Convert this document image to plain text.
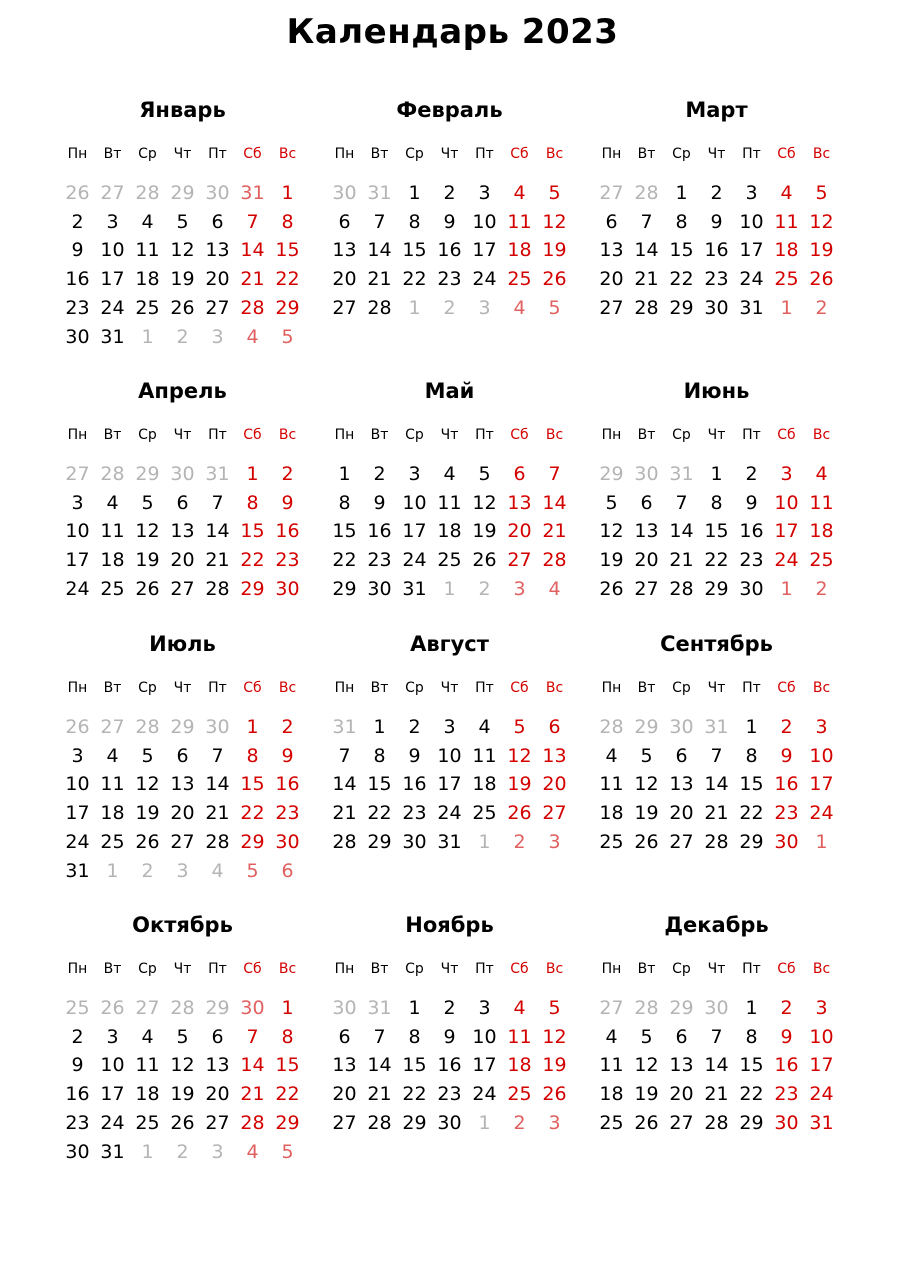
Календарь 2023
Январь
Пн	Вт	Ср	Чт	Пт	Сб	Вс
26 27 28 29 30 31 1
2	3	4	5	6	7	8
9 10 11 12 13 14 15
16 17 18 19 20 21 22
23 24 25 26 27 28 29
30 31 1	2	3	4	5
Февраль
Пн	Вт	Ср	Чт	Пт	Сб	Вс
30 31 1	2	3	4	5
6	7	8	9 10 11 12
13 14 15 16 17 18 19
20 21 22 23 24 25 26
27 28 1	2	3	4	5
Март
Пн	Вт	Ср	Чт	Пт	Сб	Вс
27 28 1	2	3	4	5
6	7	8	9 10 11 12
13 14 15 16 17 18 19
20 21 22 23 24 25 26
27 28 29 30 31 1	2
Апрель
Пн	Вт	Ср	Чт	Пт	Сб	Вс
27 28 29 30 31 1	2
3	4	5	6	7	8	9
10 11 12 13 14 15 16
17 18 19 20 21 22 23
24 25 26 27 28 29 30
Май
Пн	Вт	Ср	Чт	Пт	Сб	Вс
1	2	3	4	5	6	7
8	9 10 11 12 13 14
15 16 17 18 19 20 21
22 23 24 25 26 27 28
29 30 31 1	2	3	4
Июнь
Пн	Вт	Ср	Чт	Пт	Сб	Вс
29 30 31 1	2	3	4
5	6	7	8	9 10 11
12 13 14 15 16 17 18
19 20 21 22 23 24 25
26 27 28 29 30 1	2
Июль
Пн	Вт	Ср	Чт	Пт	Сб	Вс
26 27 28 29 30 1	2
3	4	5	6	7	8	9
10 11 12 13 14 15 16
17 18 19 20 21 22 23
24 25 26 27 28 29 30
31 1	2	3	4	5	6
Август
Пн	Вт	Ср	Чт	Пт	Сб	Вс
31 1	2	3	4	5	6
7	8	9 10 11 12 13
14 15 16 17 18 19 20
21 22 23 24 25 26 27
28 29 30 31 1	2	3
Сентябрь
Пн	Вт	Ср	Чт	Пт	Сб	Вс
28 29 30 31 1	2	3
4	5	6	7	8	9 10
11 12 13 14 15 16 17
18 19 20 21 22 23 24
25 26 27 28 29 30 1
Октябрь
Пн	Вт	Ср	Чт	Пт	Сб	Вс
25 26 27 28 29 30 1
2	3	4	5	6	7	8
9 10 11 12 13 14 15
16 17 18 19 20 21 22
23 24 25 26 27 28 29
30 31 1	2	3	4	5
Ноябрь
Пн	Вт	Ср	Чт	Пт	Сб	Вс
30 31 1	2	3	4	5
6	7	8	9 10 11 12
13 14 15 16 17 18 19
20 21 22 23 24 25 26
27 28 29 30 1	2	3
Декабрь
Пн	Вт	Ср	Чт	Пт	Сб	Вс
27 28 29 30 1	2	3
4	5	6	7	8	9 10
11 12 13 14 15 16 17
18 19 20 21 22 23 24
25 26 27 28 29 30 31
